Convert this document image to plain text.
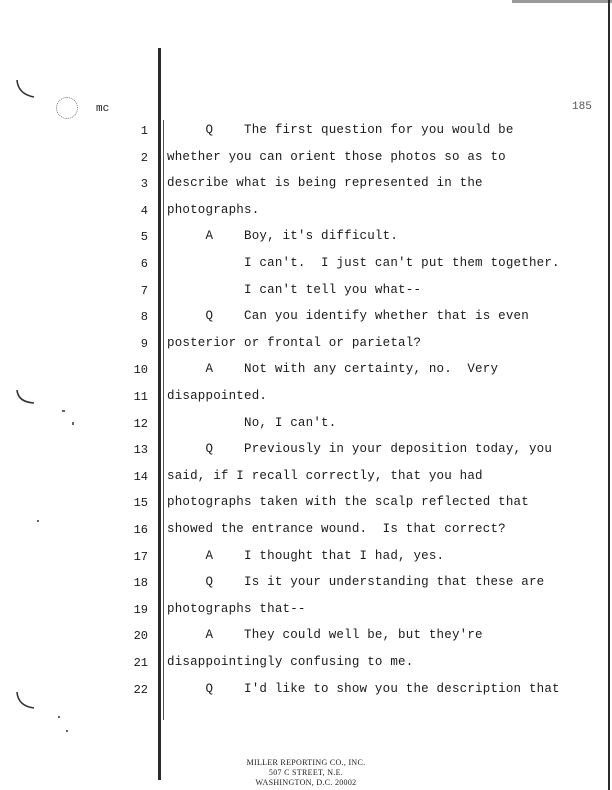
mc	185
1 Q    The first question for you would be
2 whether you can orient those photos so as to
3 describe what is being represented in the
4 photographs.
5 A    Boy, it's difficult.
6 I can't.  I just can't put them together.
7 I can't tell you what--
8 Q    Can you identify whether that is even
9 posterior or frontal or parietal?
10 A    Not with any certainty, no.  Very
11 disappointed.
12 No, I can't.
13 Q    Previously in your deposition today, you
14 said, if I recall correctly, that you had
15 photographs taken with the scalp reflected that
16 showed the entrance wound.  Is that correct?
17 A    I thought that I had, yes.
18 Q    Is it your understanding that these are
19 photographs that--
20 A    They could well be, but they're
21 disappointingly confusing to me.
22 Q    I'd like to show you the description that
MILLER REPORTING CO., INC.
507 C STREET, N.E.
WASHINGTON, D.C. 20002
